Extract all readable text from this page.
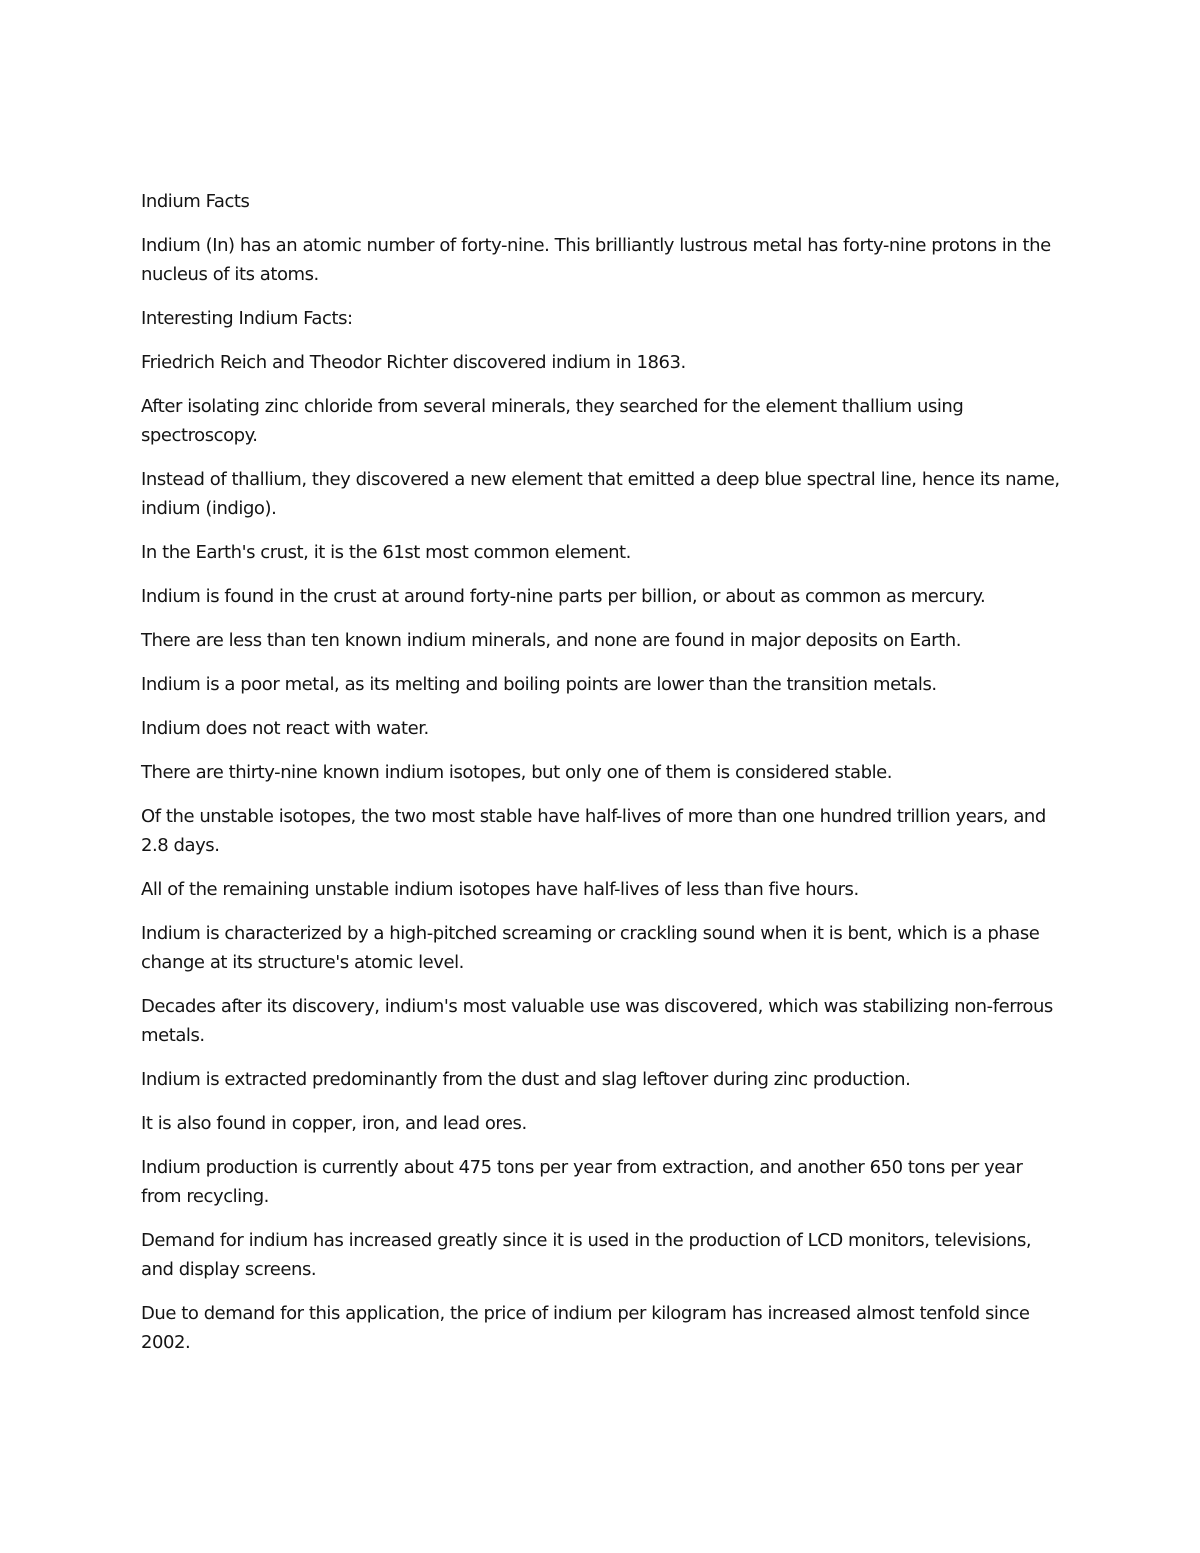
Indium Facts

Indium (In) has an atomic number of forty-nine. This brilliantly lustrous metal has forty-nine protons in the nucleus of its atoms.

Interesting Indium Facts:

Friedrich Reich and Theodor Richter discovered indium in 1863.

After isolating zinc chloride from several minerals, they searched for the element thallium using spectroscopy.

Instead of thallium, they discovered a new element that emitted a deep blue spectral line, hence its name, indium (indigo).

In the Earth's crust, it is the 61st most common element.

Indium is found in the crust at around forty-nine parts per billion, or about as common as mercury.

There are less than ten known indium minerals, and none are found in major deposits on Earth.

Indium is a poor metal, as its melting and boiling points are lower than the transition metals.

Indium does not react with water.

There are thirty-nine known indium isotopes, but only one of them is considered stable.

Of the unstable isotopes, the two most stable have half-lives of more than one hundred trillion years, and 2.8 days.

All of the remaining unstable indium isotopes have half-lives of less than five hours.

Indium is characterized by a high-pitched screaming or crackling sound when it is bent, which is a phase change at its structure's atomic level.

Decades after its discovery, indium's most valuable use was discovered, which was stabilizing non-ferrous metals.

Indium is extracted predominantly from the dust and slag leftover during zinc production.

It is also found in copper, iron, and lead ores.

Indium production is currently about 475 tons per year from extraction, and another 650 tons per year from recycling.

Demand for indium has increased greatly since it is used in the production of LCD monitors, televisions, and display screens.

Due to demand for this application, the price of indium per kilogram has increased almost tenfold since 2002.
